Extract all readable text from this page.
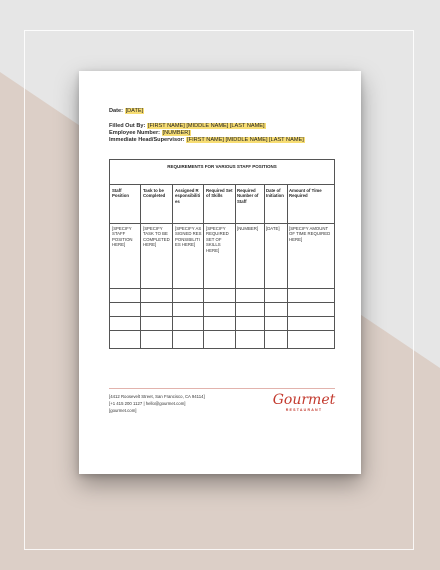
Date: [DATE]
Filled Out By: [FIRST NAME] [MIDDLE NAME] [LAST NAME]
Employee Number: [NUMBER]
Immediate Head/Supervisor: [FIRST NAME] [MIDDLE NAME] [LAST NAME]
REQUIREMENTS FOR VARIOUS STAFF POSITIONS
Staff Position
Task to be Completed
Assigned Responsibilities
Required Set of Skills
Required Number of Staff
Date of Initiation
Amount of Time Required
[SPECIFY STAFF POSITION HERE]
[SPECIFY TASK TO BE COMPLETED HERE]
[SPECIFY ASSIGNED RESPONSIBILITIES HERE]
[SPECIFY REQUIRED SET OF SKILLS HERE]
[NUMBER]	[DATE]	[SPECIFY AMOUNT OF TIME REQUIRED HERE]
[4412 Roosevelt Street, San Francisco, CA 94114]
[+1 415 200 1127 | hello@gourmet.com]
[gourmet.com]
Gourmet
RESTAURANT
